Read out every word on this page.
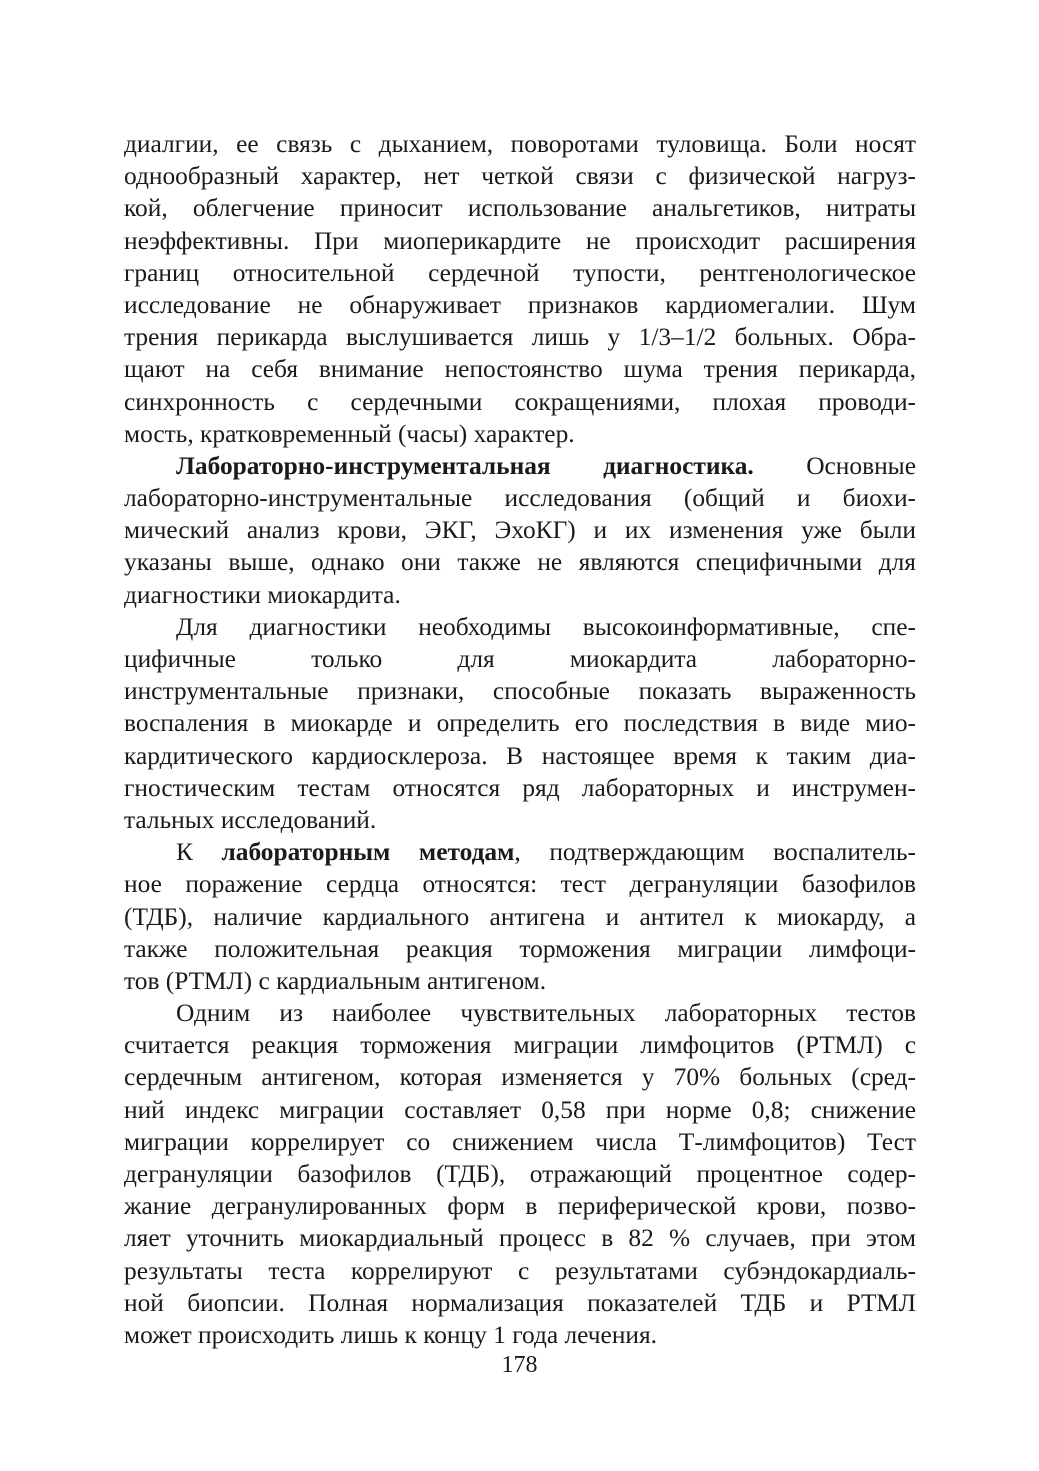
диалгии, ее связь с дыханием, поворотами туловища. Боли носят
однообразный характер, нет четкой связи с физической нагруз-
кой, облегчение приносит использование анальгетиков, нитраты
неэффективны. При миоперикардите не происходит расширения
границ относительной сердечной тупости, рентгенологическое
исследование не обнаруживает признаков кардиомегалии. Шум
трения перикарда выслушивается лишь у 1/3–1/2 больных. Обра-
щают на себя внимание непостоянство шума трения перикарда,
синхронность с сердечными сокращениями, плохая проводи-
мость, кратковременный (часы) характер.
Лабораторно-инструментальная диагностика. Основные
лабораторно-инструментальные исследования (общий и биохи-
мический анализ крови, ЭКГ, ЭхоКГ) и их изменения уже были
указаны выше, однако они также не являются специфичными для
диагностики миокардита.
Для диагностики необходимы высокоинформативные, спе-
цифичные только для миокардита лабораторно-
инструментальные признаки, способные показать выраженность
воспаления в миокарде и определить его последствия в виде мио-
кардитического кардиосклероза. В настоящее время к таким диа-
гностическим тестам относятся ряд лабораторных и инструмен-
тальных исследований.
К лабораторным методам, подтверждающим воспалитель-
ное поражение сердца относятся: тест дегрануляции базофилов
(ТДБ), наличие кардиального антигена и антител к миокарду, а
также положительная реакция торможения миграции лимфоци-
тов (РТМЛ) с кардиальным антигеном.
Одним из наиболее чувствительных лабораторных тестов
считается реакция торможения миграции лимфоцитов (РТМЛ) с
сердечным антигеном, которая изменяется у 70% больных (сред-
ний индекс миграции составляет 0,58 при норме 0,8; снижение
миграции коррелирует со снижением числа Т-лимфоцитов) Тест
дегрануляции базофилов (ТДБ), отражающий процентное содер-
жание дегранулированных форм в периферической крови, позво-
ляет уточнить миокардиальный процесс в 82 % случаев, при этом
результаты теста коррелируют с результатами субэндокардиаль-
ной биопсии. Полная нормализация показателей ТДБ и РТМЛ
может происходить лишь к концу 1 года лечения.
178
